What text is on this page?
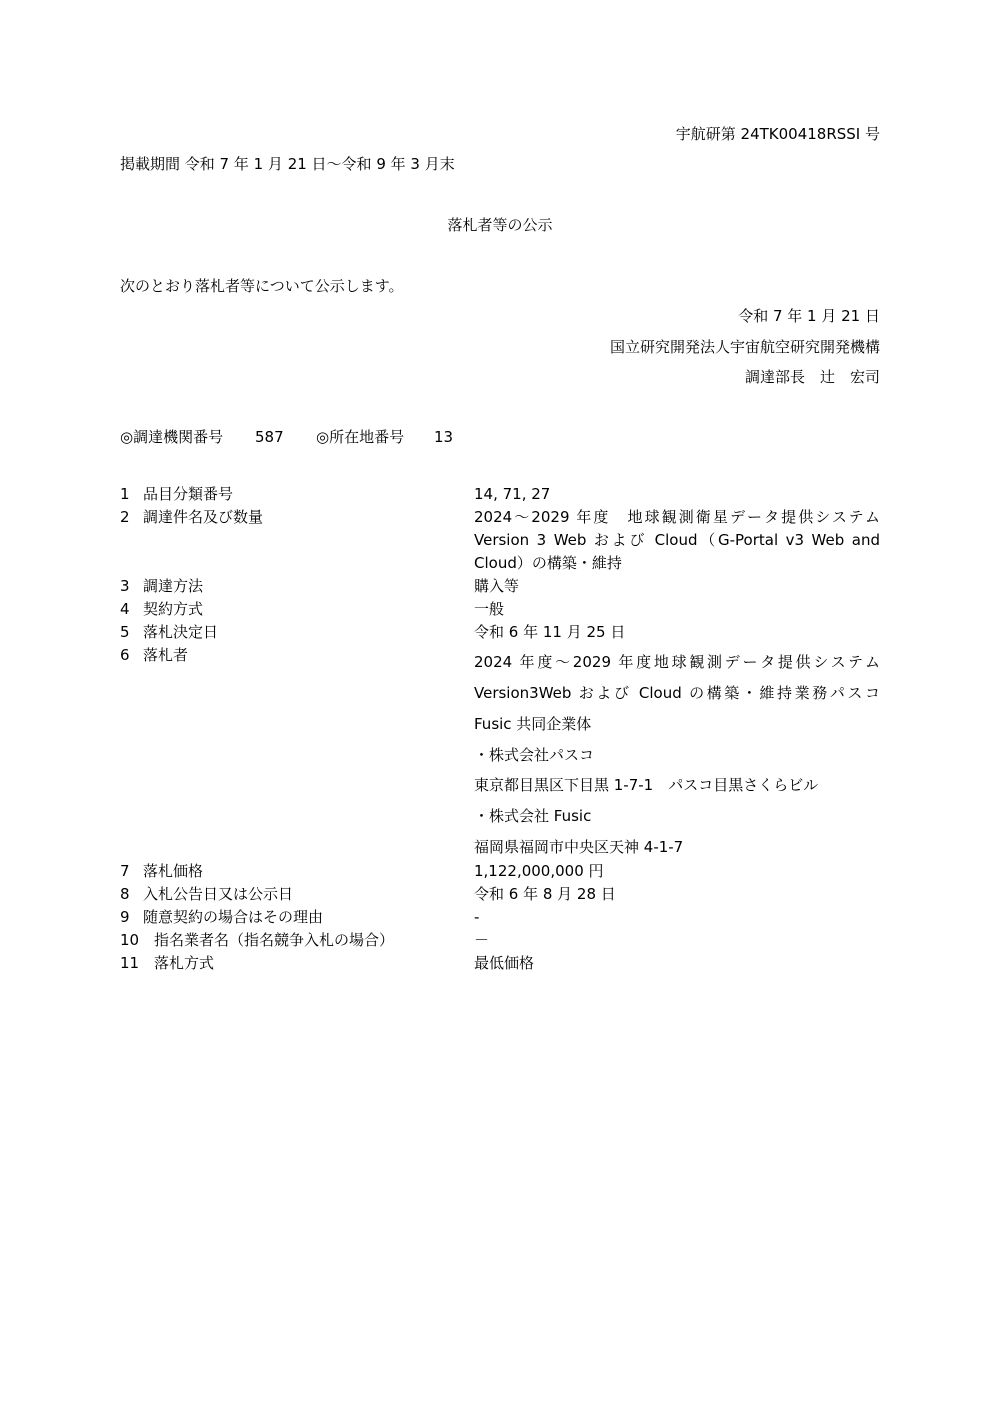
宇航研第 24TK00418RSSI 号
掲載期間 令和 7 年 1 月 21 日～令和 9 年 3 月末
落札者等の公示
次のとおり落札者等について公示します。
令和 7 年 1 月 21 日
国立研究開発法人宇宙航空研究開発機構
調達部長　辻　宏司
◎調達機関番号 587 ◎所在地番号 13
1 品目分類番号	14, 71, 27
2 調達件名及び数量	2024～2029 年度　地球観測衛星データ提供システム
Version 3 Web および Cloud（G-Portal v3 Web and
Cloud）の構築・維持
3 調達方法	購入等
4 契約方式	一般
5 落札決定日	令和 6 年 11 月 25 日
6 落札者	2024 年度～2029 年度地球観測データ提供システム
Version3Web および Cloud の構築・維持業務パスコ
Fusic 共同企業体
・株式会社パスコ
東京都目黒区下目黒 1-7-1　パスコ目黒さくらビル
・株式会社 Fusic
福岡県福岡市中央区天神 4-1-7
7 落札価格	1,122,000,000 円
8 入札公告日又は公示日	令和 6 年 8 月 28 日
9 随意契約の場合はその理由	-
10 指名業者名（指名競争入札の場合）	－
11 落札方式	最低価格
